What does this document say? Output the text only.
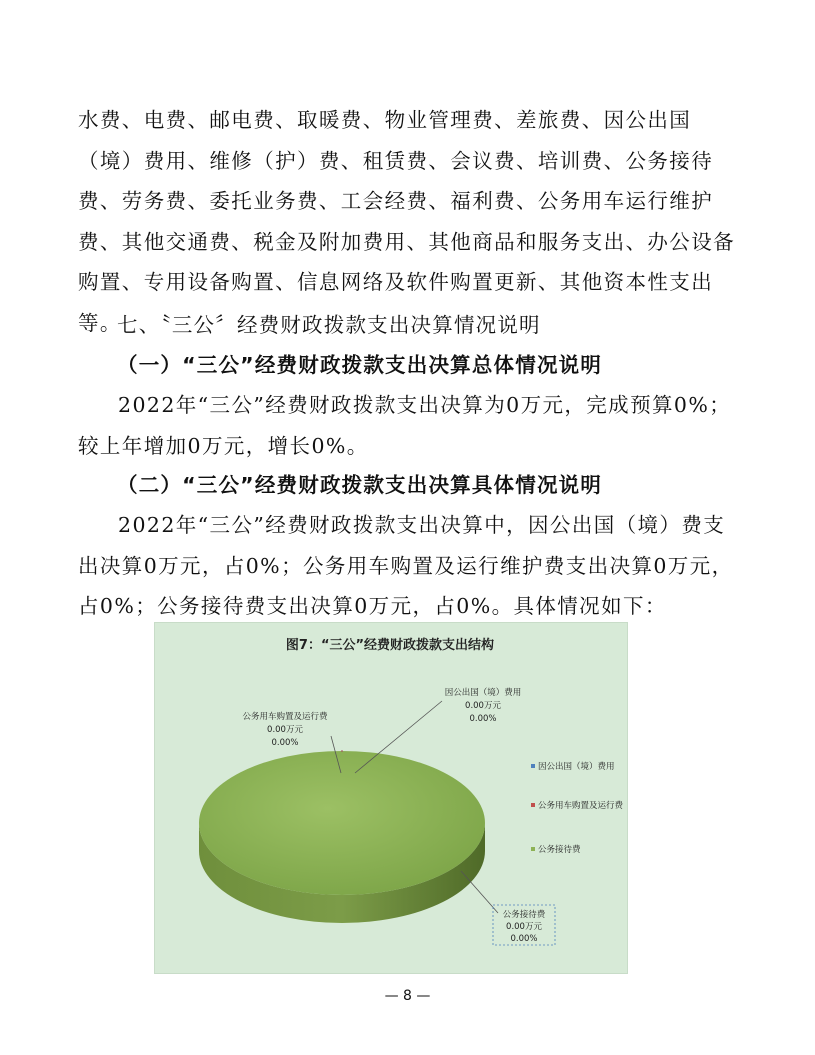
水费、电费、邮电费、取暖费、物业管理费、差旅费、因公出国（境）费用、维修（护）费、租赁费、会议费、培训费、公务接待费、劳务费、委托业务费、工会经费、福利费、公务用车运行维护费、其他交通费、税金及附加费用、其他商品和服务支出、办公设备购置、专用设备购置、信息网络及软件购置更新、其他资本性支出等。

七、〝三公〞经费财政拨款支出决算情况说明

（一）“三公”经费财政拨款支出决算总体情况说明

2022年“三公”经费财政拨款支出决算为0万元，完成预算0%；较上年增加0万元，增长0%。

（二）“三公”经费财政拨款支出决算具体情况说明

2022年“三公”经费财政拨款支出决算中，因公出国（境）费支出决算0万元，占0%；公务用车购置及运行维护费支出决算0万元，占0%；公务接待费支出决算0万元，占0%。具体情况如下：

图7：“三公”经费财政拨款支出结构
因公出国（境）费用
0.00万元
0.00%
公务用车购置及运行费
0.00万元
0.00%
公务接待费
0.00万元
0.00%
因公出国（境）费用
公务用车购置及运行费
公务接待费
— 8 —
